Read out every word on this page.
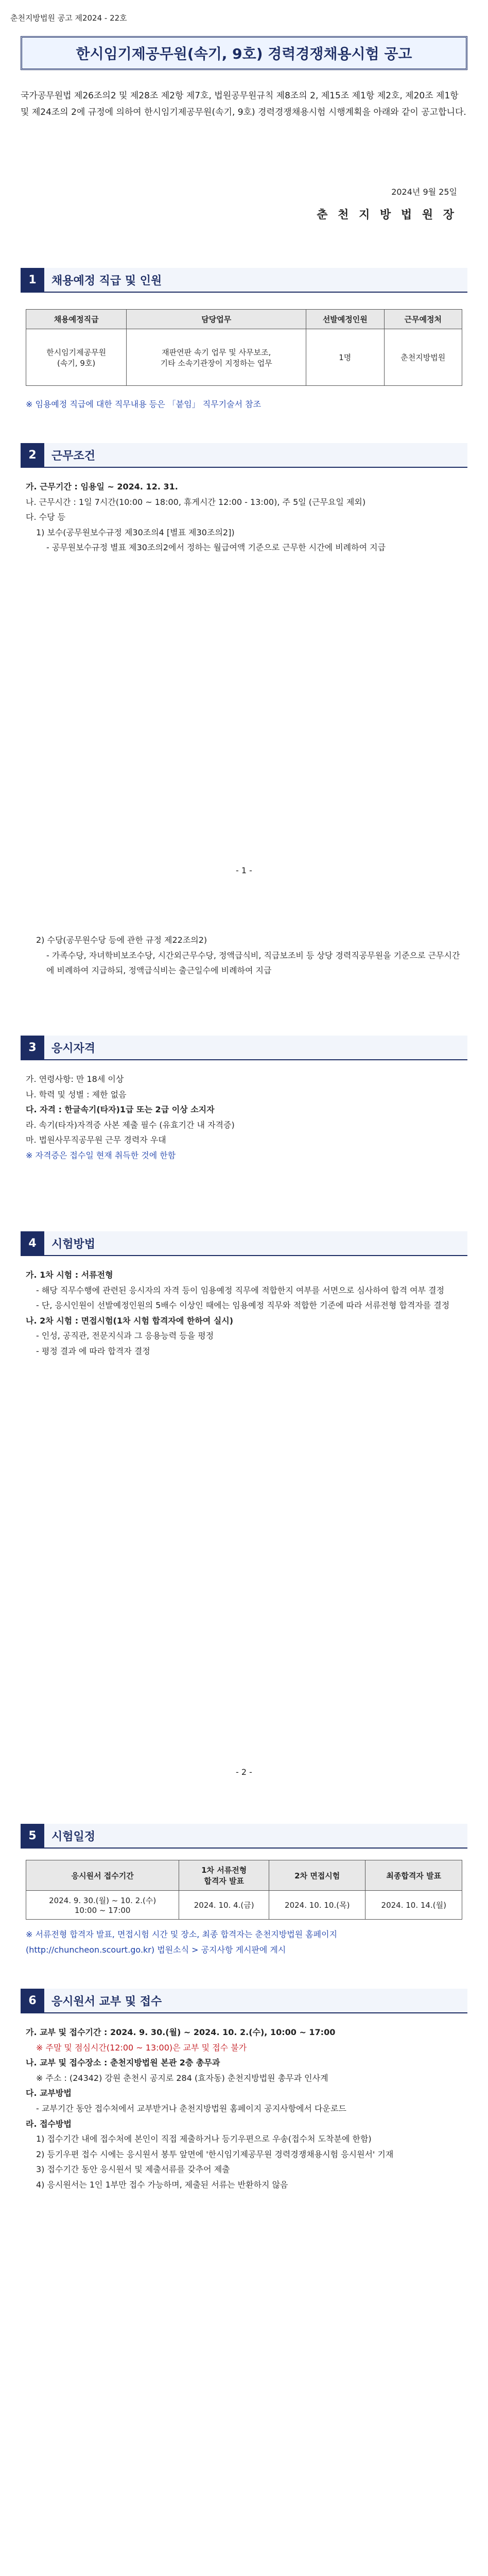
춘천지방법원 공고 제2024 - 22호
한시임기제공무원(속기, 9호) 경력경쟁채용시험 공고
국가공무원법 제26조의2 및 제28조 제2항 제7호, 법원공무원규칙 제8조의 2, 제15조 제1항 제2호, 제20조 제1항 및 제24조의 2에 규정에 의하여 한시임기제공무원(속기, 9호) 경력경쟁채용시험 시행계획을 아래와 같이 공고합니다.
2024년 9월 25일
춘 천 지 방 법 원 장
1	채용예정 직급 및 인원
채용예정직급	담당업무	선발예정인원	근무예정처
한시임기제공무원
(속기, 9호)	재판연판 속기 업무 및 사무보조,
기타 소속기관장이 지정하는 업무	1명	춘천지방법원
※ 임용예정 직급에 대한 직무내용 등은 「붙임」 직무기술서 참조
2	근무조건
가. 근무기간 : 임용일 ~ 2024. 12. 31.
나. 근무시간 : 1일 7시간(10:00 ~ 18:00, 휴게시간 12:00 - 13:00), 주 5일 (근무요일 제외)
다. 수당 등
1) 보수(공무원보수규정 제30조의4 [별표 제30조의2])
- 공무원보수규정 별표 제30조의2에서 정하는 월급여액 기준으로 근무한 시간에 비례하여 지급
- 1 -
2) 수당(공무원수당 등에 관한 규정 제22조의2)
- 가족수당, 자녀학비보조수당, 시간외근무수당, 정액급식비, 직급보조비 등 상당 경력직공무원을 기준으로 근무시간에 비례하여 지급하되, 정액급식비는 출근일수에 비례하여 지급
3	응시자격
가. 연령사항: 만 18세 이상
나. 학력 및 성별 : 제한 없음
다. 자격 : 한글속기(타자)1급 또는 2급 이상 소지자
라. 속기(타자)자격증 사본 제출 필수 (유효기간 내 자격증)
마. 법원사무직공무원 근무 경력자 우대
※ 자격증은 접수일 현재 취득한 것에 한함
4	시험방법
가. 1차 시험 : 서류전형
- 해당 직무수행에 관련된 응시자의 자격 등이 임용예정 직무에 적합한지 여부를 서면으로 심사하여 합격 여부 결정
- 단, 응시인원이 선발예정인원의 5배수 이상인 때에는 임용예정 직무와 적합한 기준에 따라 서류전형 합격자를 결정
나. 2차 시험 : 면접시험(1차 시험 합격자에 한하여 실시)
- 인성, 공직관, 전문지식과 그 응용능력 등을 평정
- 평정 결과 에 따라 합격자 결정
- 2 -
5	시험일정
응시원서 접수기간	1차 서류전형
합격자 발표	2차 면접시험	최종합격자 발표
2024. 9. 30.(월) ~ 10. 2.(수)
10:00 ~ 17:00	2024. 10. 4.(금)	2024. 10. 10.(목)	2024. 10. 14.(월)
※ 서류전형 합격자 발표, 면접시험 시간 및 장소, 최종 합격자는 춘천지방법원 홈페이지 (http://chuncheon.scourt.go.kr) 법원소식 > 공지사항 게시판에 게시
6	응시원서 교부 및 접수
가. 교부 및 접수기간 : 2024. 9. 30.(월) ~ 2024. 10. 2.(수), 10:00 ~ 17:00
※ 주말 및 점심시간(12:00 ~ 13:00)은 교부 및 접수 불가
나. 교부 및 접수장소 : 춘천지방법원 본관 2층 총무과
※ 주소 : (24342) 강원 춘천시 공지로 284 (효자동) 춘천지방법원 총무과 인사계
다. 교부방법
- 교부기간 동안 접수처에서 교부받거나 춘천지방법원 홈페이지 공지사항에서 다운로드
라. 접수방법
1) 접수기간 내에 접수처에 본인이 직접 제출하거나 등기우편으로 우송(접수처 도착분에 한함)
2) 등기우편 접수 시에는 응시원서 봉투 앞면에 '한시임기제공무원 경력경쟁채용시험 응시원서' 기재
3) 접수기간 동안 응시원서 및 제출서류를 갖추어 제출
4) 응시원서는 1인 1부만 접수 가능하며, 제출된 서류는 반환하지 않음
